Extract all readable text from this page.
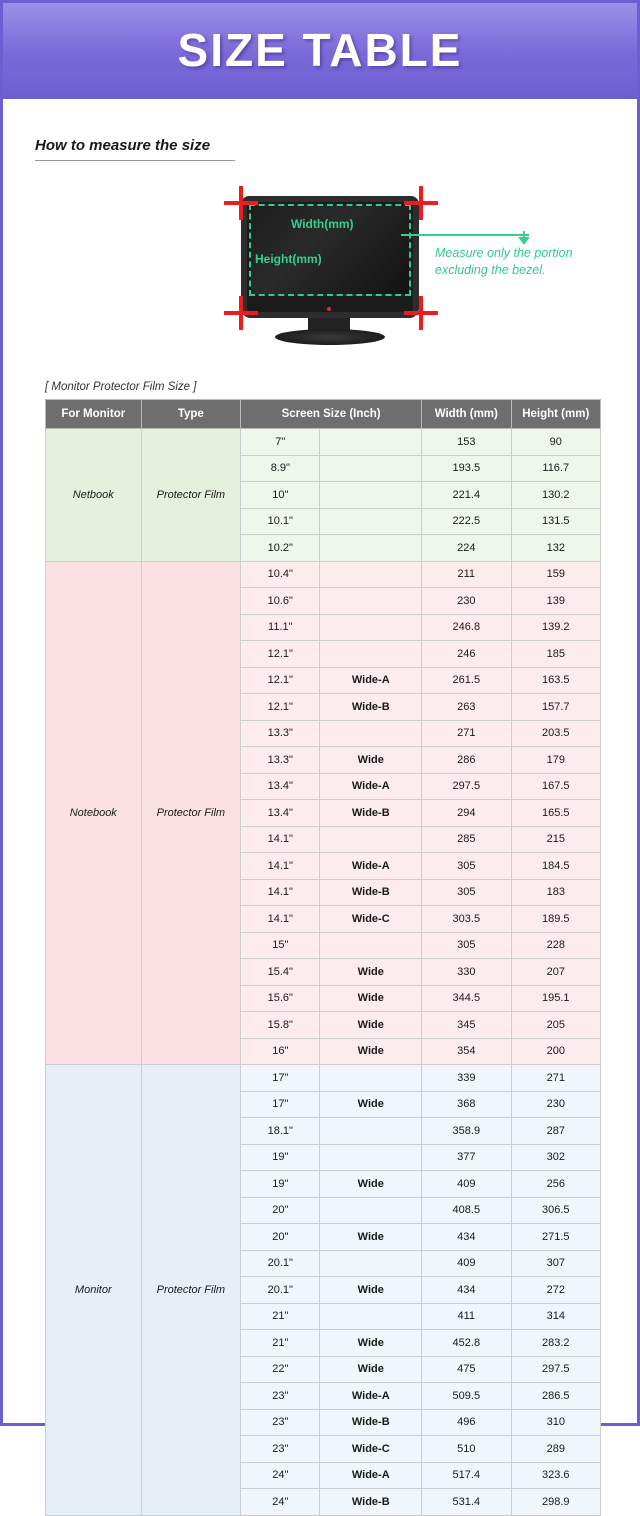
SIZE TABLE
How to measure the size
Width(mm)
Height(mm)	Measure only the portion excluding the bezel.
[ Monitor Protector Film Size ]
For Monitor	Type	Screen Size (Inch)		Width (mm)	Height (mm)
Netbook	Protector Film	7"		153	90
		8.9"		193.5	116.7
		10"		221.4	130.2
		10.1"		222.5	131.5
		10.2"		224	132
Notebook	Protector Film	10.4"		211	159
		10.6"		230	139
		11.1"		246.8	139.2
		12.1"		246	185
		12.1"	Wide-A	261.5	163.5
		12.1"	Wide-B	263	157.7
		13.3"		271	203.5
		13.3"	Wide	286	179
		13.4"	Wide-A	297.5	167.5
		13.4"	Wide-B	294	165.5
		14.1"		285	215
		14.1"	Wide-A	305	184.5
		14.1"	Wide-B	305	183
		14.1"	Wide-C	303.5	189.5
		15"		305	228
		15.4"	Wide	330	207
		15.6"	Wide	344.5	195.1
		15.8"	Wide	345	205
		16"	Wide	354	200
Monitor	Protector Film	17"		339	271
		17"	Wide	368	230
		18.1"		358.9	287
		19"		377	302
		19"	Wide	409	256
		20"		408.5	306.5
		20"	Wide	434	271.5
		20.1"		409	307
		20.1"	Wide	434	272
		21"		411	314
		21"	Wide	452.8	283.2
		22"	Wide	475	297.5
		23"	Wide-A	509.5	286.5
		23"	Wide-B	496	310
		23"	Wide-C	510	289
		24"	Wide-A	517.4	323.6
		24"	Wide-B	531.4	298.9
